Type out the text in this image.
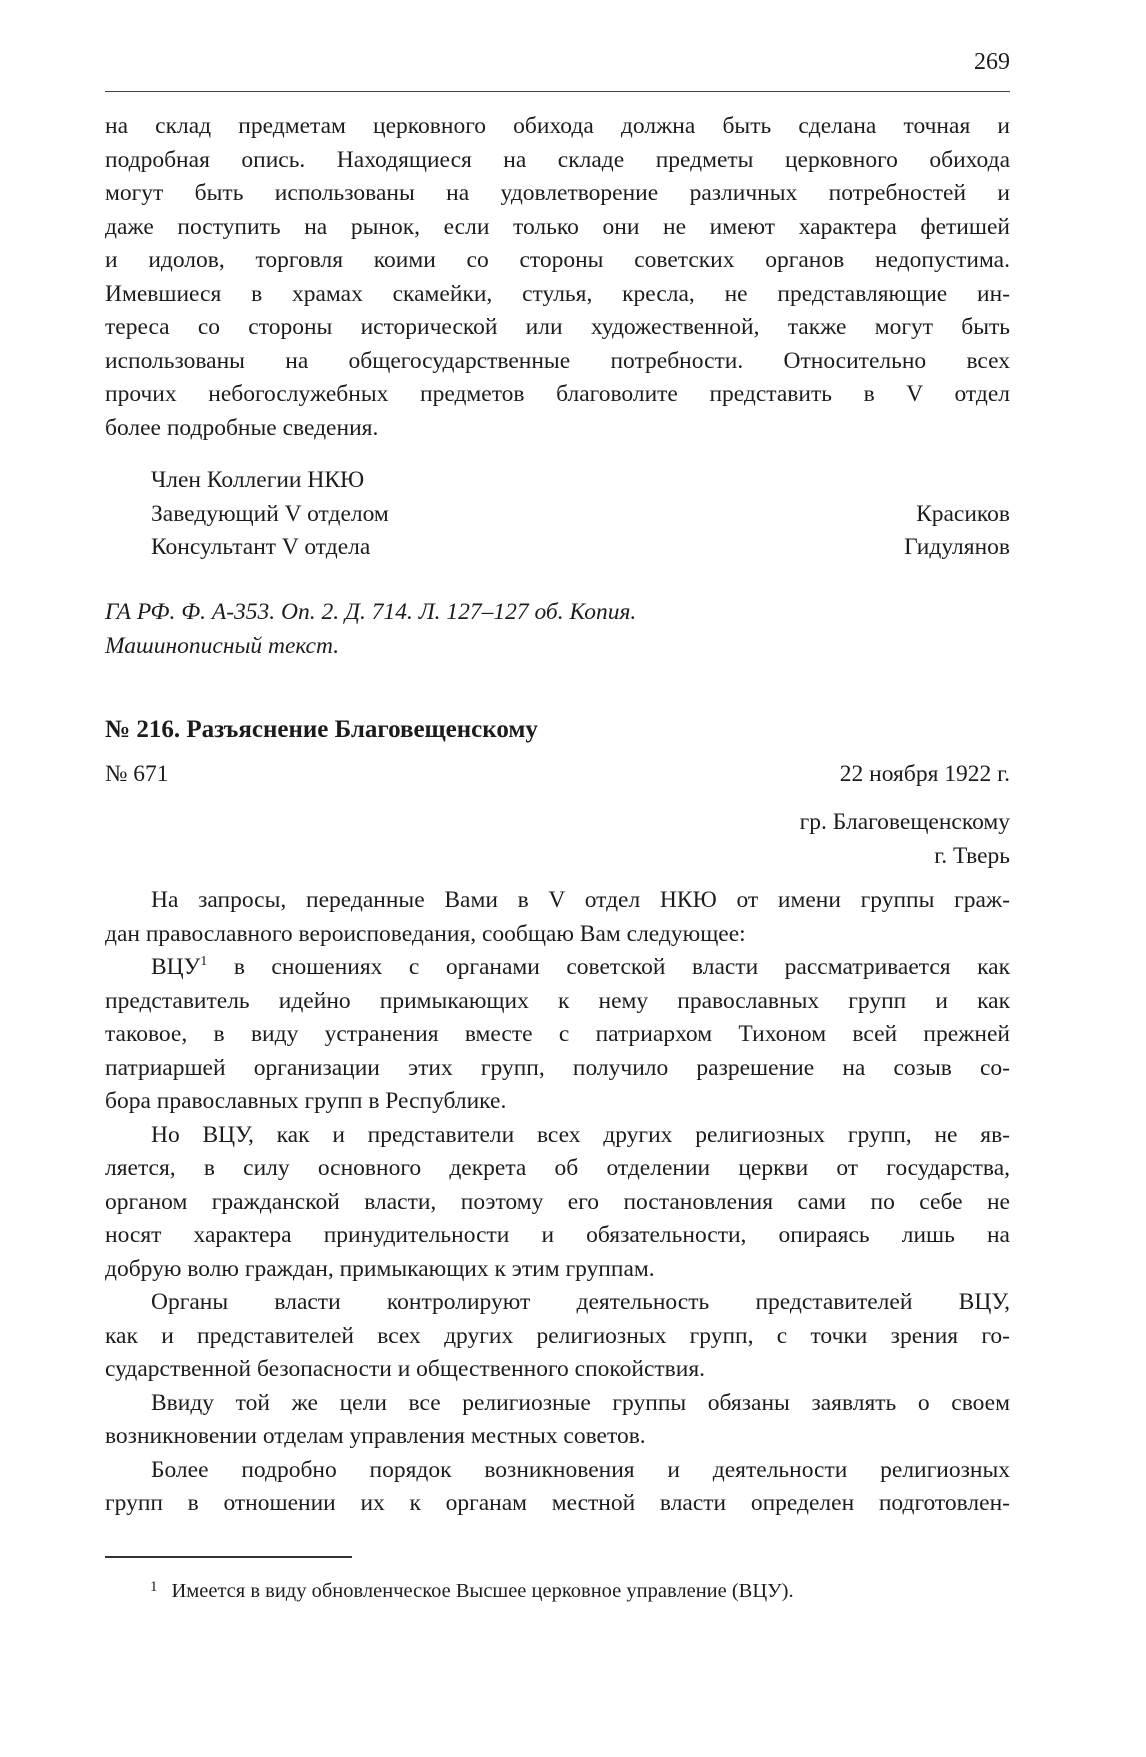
269
на склад предметам церковного обихода должна быть сделана точная и
подробная опись. Находящиеся на складе предметы церковного обихода
могут быть использованы на удовлетворение различных потребностей и
даже поступить на рынок, если только они не имеют характера фетишей
и идолов, торговля коими со стороны советских органов недопустима.
Имевшиеся в храмах скамейки, стулья, кресла, не представляющие ин-
тереса со стороны исторической или художественной, также могут быть
использованы на общегосударственные потребности. Относительно всех
прочих небогослужебных предметов благоволите представить в V отдел
более подробные сведения.
Член Коллегии НКЮ
Заведующий V отделом	Красиков
Консультант V отдела	Гидулянов
ГА РФ. Ф. А-353. Оп. 2. Д. 714. Л. 127–127 об. Копия.
Машинописный текст.
№ 216. Разъяснение Благовещенскому
№ 671	22 ноября 1922 г.
гр. Благовещенскому
г. Тверь
На запросы, переданные Вами в V отдел НКЮ от имени группы граж-
дан православного вероисповедания, сообщаю Вам следующее:
ВЦУ$^1$ в сношениях с органами советской власти рассматривается как
представитель идейно примыкающих к нему православных групп и как
таковое, в виду устранения вместе с патриархом Тихоном всей прежней
патриаршей организации этих групп, получило разрешение на созыв со-
бора православных групп в Республике.
Но ВЦУ, как и представители всех других религиозных групп, не яв-
ляется, в силу основного декрета об отделении церкви от государства,
органом гражданской власти, поэтому его постановления сами по себе не
носят характера принудительности и обязательности, опираясь лишь на
добрую волю граждан, примыкающих к этим группам.
Органы власти контролируют деятельность представителей ВЦУ,
как и представителей всех других религиозных групп, с точки зрения го-
сударственной безопасности и общественного спокойствия.
Ввиду той же цели все религиозные группы обязаны заявлять о своем
возникновении отделам управления местных советов.
Более подробно порядок возникновения и деятельности религиозных
групп в отношении их к органам местной власти определен подготовлен-
$^1$ Имеется в виду обновленческое Высшее церковное управление (ВЦУ).
